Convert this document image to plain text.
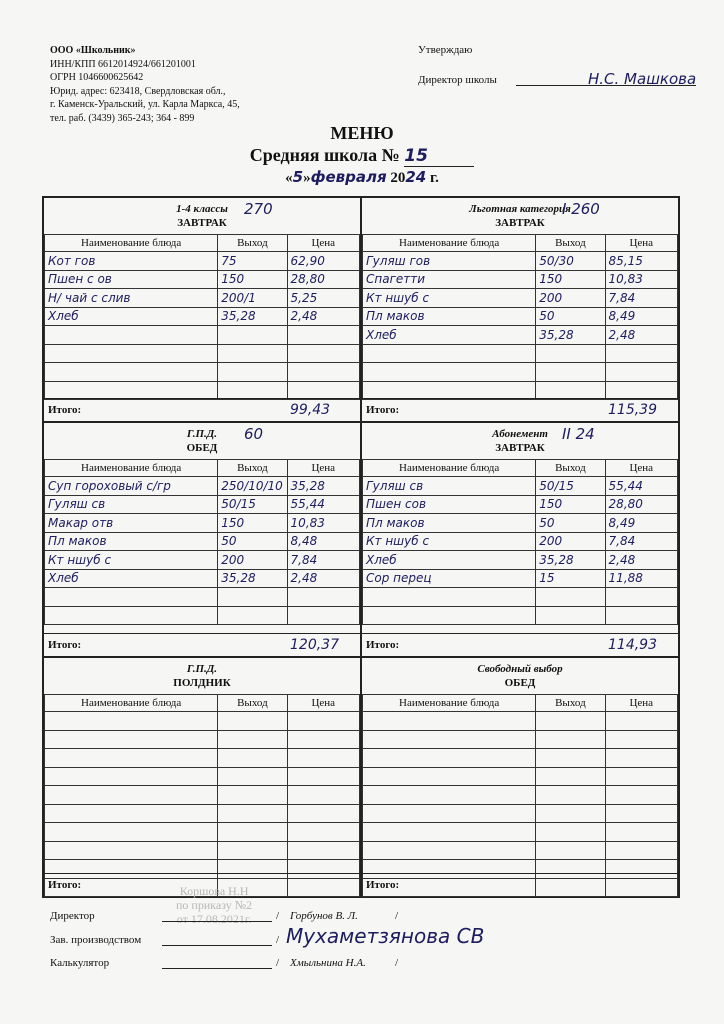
ООО «Школьник»
ИНН/КПП 6612014924/661201001
ОГРН 1046600625642
Юрид. адрес: 623418, Свердловская обл.,
г. Каменск-Уральский, ул. Карла Маркса, 45,
тел. раб. (3439) 365-243; 364 - 899
Утверждаю
Директор школы	Н.С. Машкова
МЕНЮ
Средняя школа № 15
«5»февраля 2024 г.
1-4 классы
ЗАВТРАК
270
Наименование блюда	Выход	Цена
Кот гов	75	62,90
Пшен с ов	150	28,80
Н/ чай с слив	200/1	5,25
Хлеб	35,28	2,48

Итого:	99,43
Льготная категория
ЗАВТРАК
I 260
Наименование блюда	Выход	Цена
Гуляш гов	50/30	85,15
Спагетти	150	10,83
Кт ншуб с	200	7,84
Пл маков	50	8,49
Хлеб	35,28	2,48

Итого:	115,39
Г.П.Д.
ОБЕД
60
Наименование блюда	Выход	Цена
Суп гороховый с/гр	250/10/10	35,28
Гуляш св	50/15	55,44
Макар отв	150	10,83
Пл маков	50	8,48
Кт ншуб с	200	7,84
Хлеб	35,28	2,48

Итого:	120,37
Абонемент
ЗАВТРАК
II 24
Наименование блюда	Выход	Цена
Гуляш св	50/15	55,44
Пшен сов	150	28,80
Пл маков	50	8,49
Кт ншуб с	200	7,84
Хлеб	35,28	2,48
Сор перец	15	11,88

Итого:	114,93
Г.П.Д.
ПОЛДНИК
Наименование блюда	Выход	Цена

Итого:
Свободный выбор
ОБЕД
Наименование блюда	Выход	Цена

Итого:
Коршова Н.Н
по приказу №2
от 17.08.2021г.
Директор	/ Горбунов В. Л.	/
Зав. производством	/ Мухаметзянова СВ
Калькулятор	/ Хмыльнина Н.А.	/
